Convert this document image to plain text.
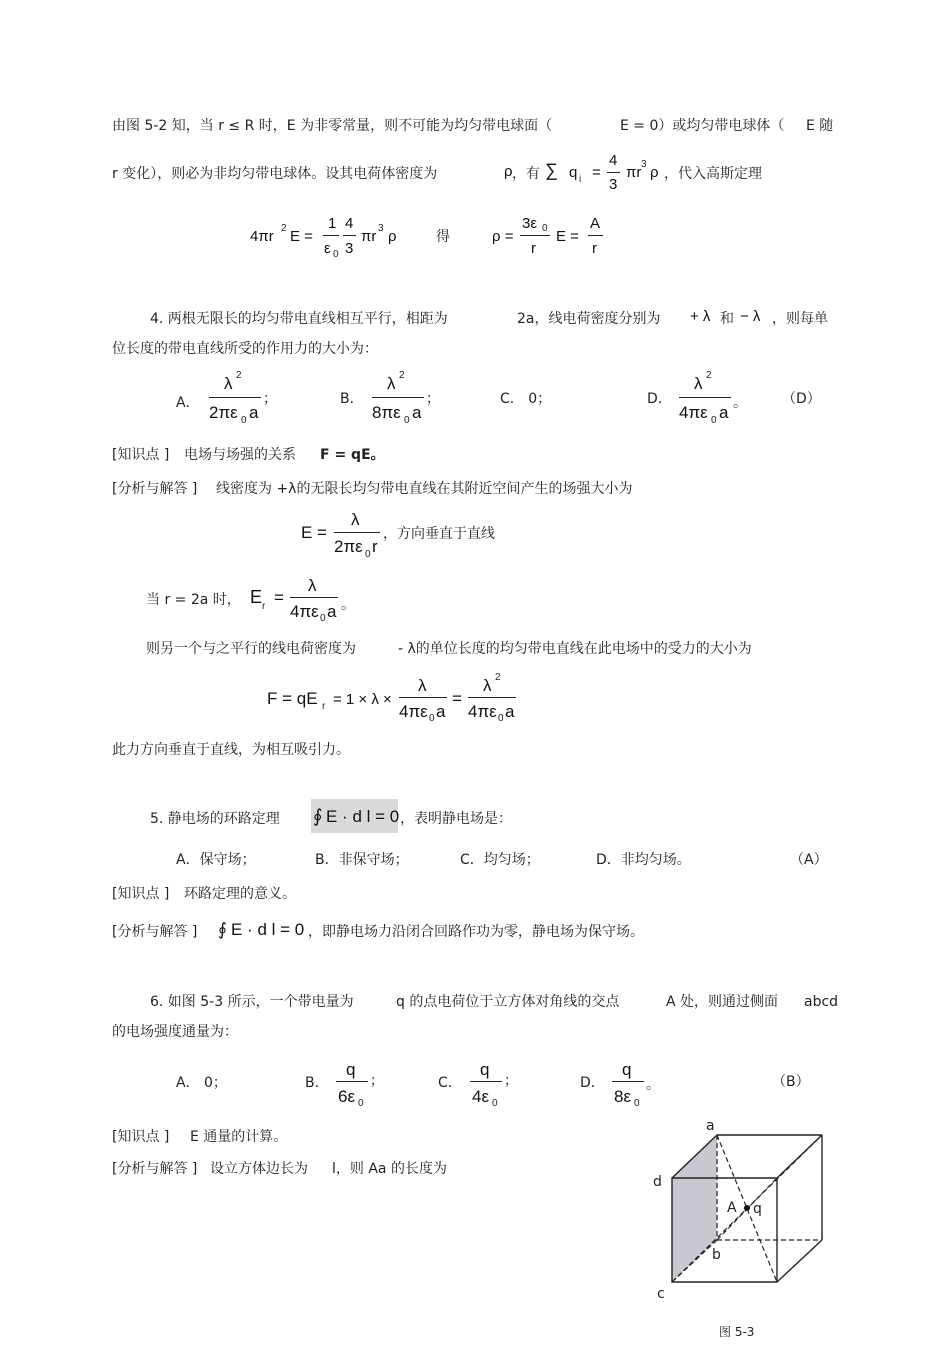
由图 5-2 知，当 r ≤ R 时，E 为非零常量，则不可能为均匀带电球面（	E = 0）或均匀带电球体（ E 随
r 变化），则必为非均匀带电球体。设其电荷体密度为	ρ ，有 ∑ q i =
4
3
πr 3 ρ ，代入高斯定理
4πr 2 E =
1
ε 0
4
3
πr 3 ρ	得	ρ =
3ε 0
r
E =
A
r
4. 两根无限长的均匀带电直线相互平行，相距为	2a，线电荷密度分别为 + λ 和 − λ ，则每单
位长度的带电直线所受的作用力的大小为：
A．
λ 2
2πε 0 a
；	B．
λ 2
8πε 0 a
；	C． 0；	D．
λ 2
4πε 0 a 。	（D）
[知识点 ] 电场与场强的关系 F = qE。
[分析与解答 ] 线密度为 +λ的无限长均匀带电直线在其附近空间产生的场强大小为
E =
λ
2πε 0 r
，方向垂直于直线
当 r = 2a 时， E r =
λ
4πε 0 a 。
则另一个与之平行的线电荷密度为	- λ的单位长度的均匀带电直线在此电场中的受力的大小为
F = qE r = 1 × λ ×
λ
4πε 0 a
=
λ 2
4πε 0 a
此力方向垂直于直线，为相互吸引力。
5. 静电场的环路定理 ∮ E · d l = 0 ，表明静电场是：
A．保守场；	B．非保守场；	C．均匀场；	D．非均匀场。	（A）
[知识点 ] 环路定理的意义。
[分析与解答 ] ∮ E · d l = 0 ，即静电场力沿闭合回路作功为零，静电场为保守场。
6. 如图 5-3 所示，一个带电量为	q 的点电荷位于立方体对角线的交点	A 处，则通过侧面 abcd
的电场强度通量为：
A． 0；	B．
q
6ε 0
；	C．
q
4ε 0
；	D．
q
8ε 0
。	（B）
[知识点 ] E 通量的计算。
[分析与解答 ] 设立方体边长为 l，则 Aa 的长度为
a
d
A q
b
c
图 5-3
